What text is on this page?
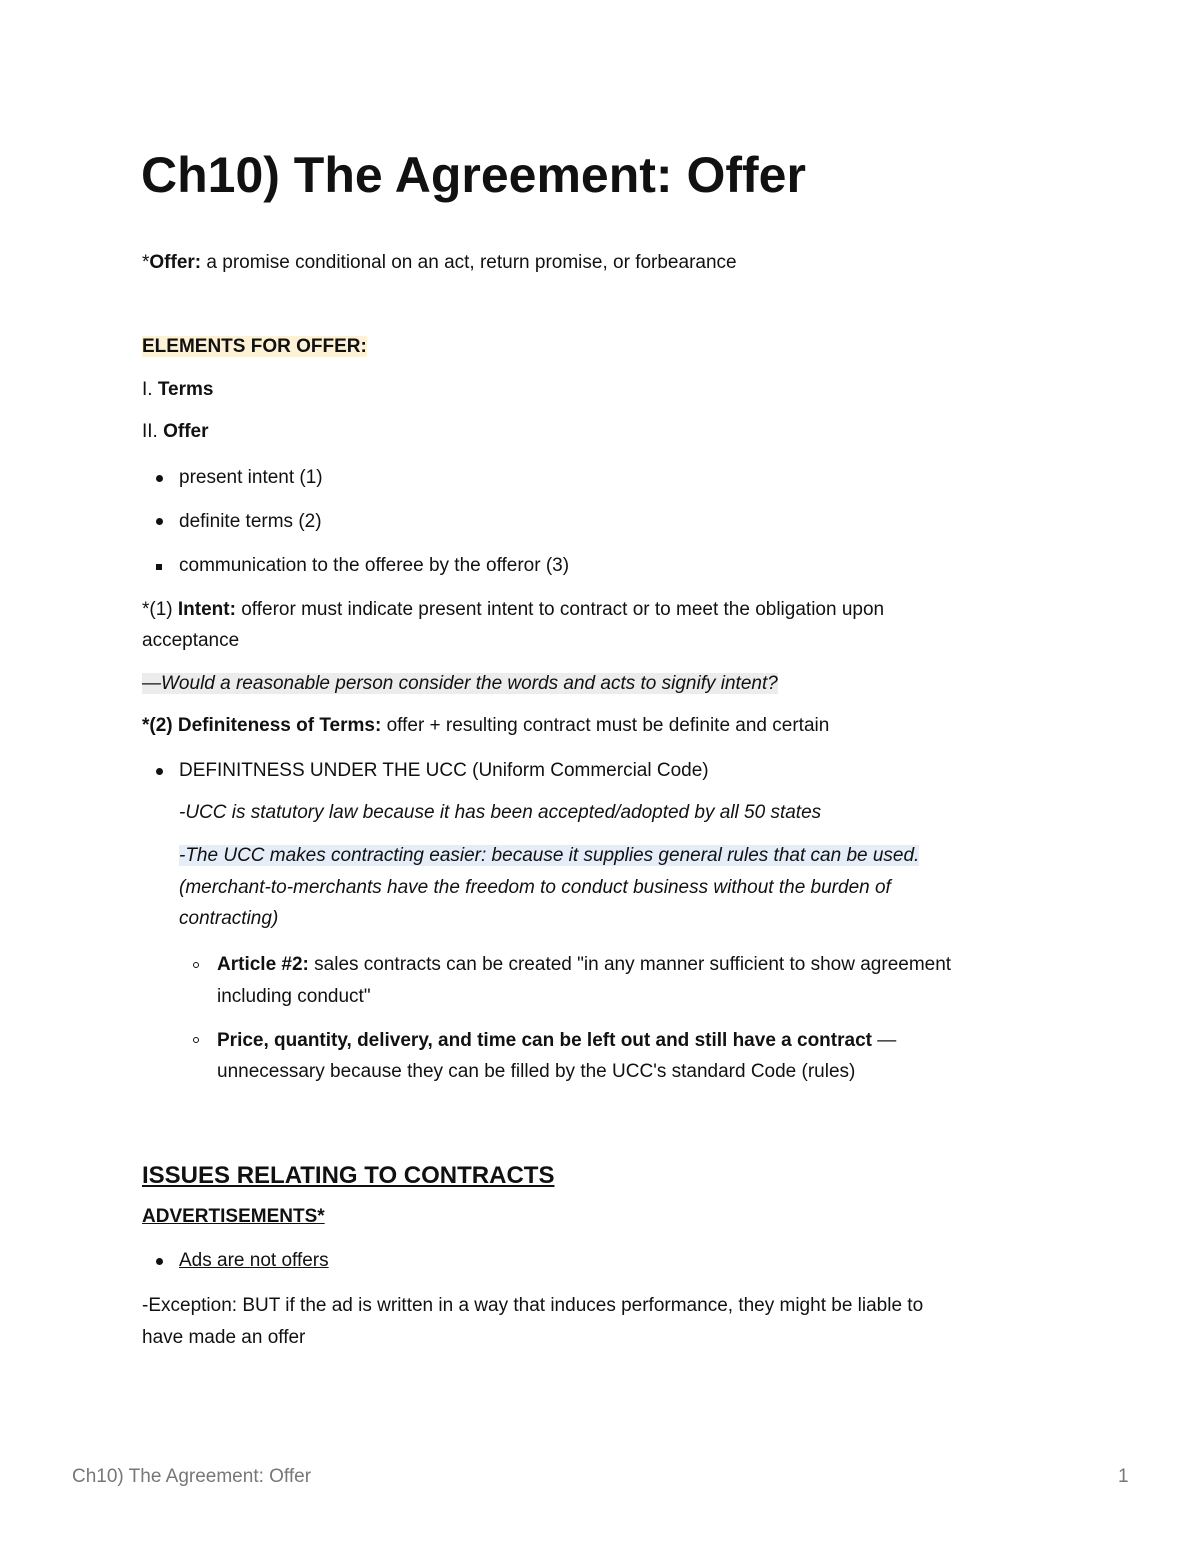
Ch10) The Agreement: Offer
*Offer: a promise conditional on an act, return promise, or forbearance
ELEMENTS FOR OFFER:
I. Terms
II. Offer
present intent (1)
definite terms (2)
communication to the offeree by the offeror (3)
*(1) Intent: offeror must indicate present intent to contract or to meet the obligation upon
acceptance
—Would a reasonable person consider the words and acts to signify intent?
*(2) Definiteness of Terms: offer + resulting contract must be definite and certain
DEFINITNESS UNDER THE UCC (Uniform Commercial Code)
-UCC is statutory law because it has been accepted/adopted by all 50 states
-The UCC makes contracting easier: because it supplies general rules that can be used.
(merchant-to-merchants have the freedom to conduct business without the burden of
contracting)
Article #2: sales contracts can be created "in any manner sufficient to show agreement
including conduct"
Price, quantity, delivery, and time can be left out and still have a contract —
unnecessary because they can be filled by the UCC's standard Code (rules)
ISSUES RELATING TO CONTRACTS
ADVERTISEMENTS*
Ads are not offers
-Exception: BUT if the ad is written in a way that induces performance, they might be liable to
have made an offer
Ch10) The Agreement: Offer	1
